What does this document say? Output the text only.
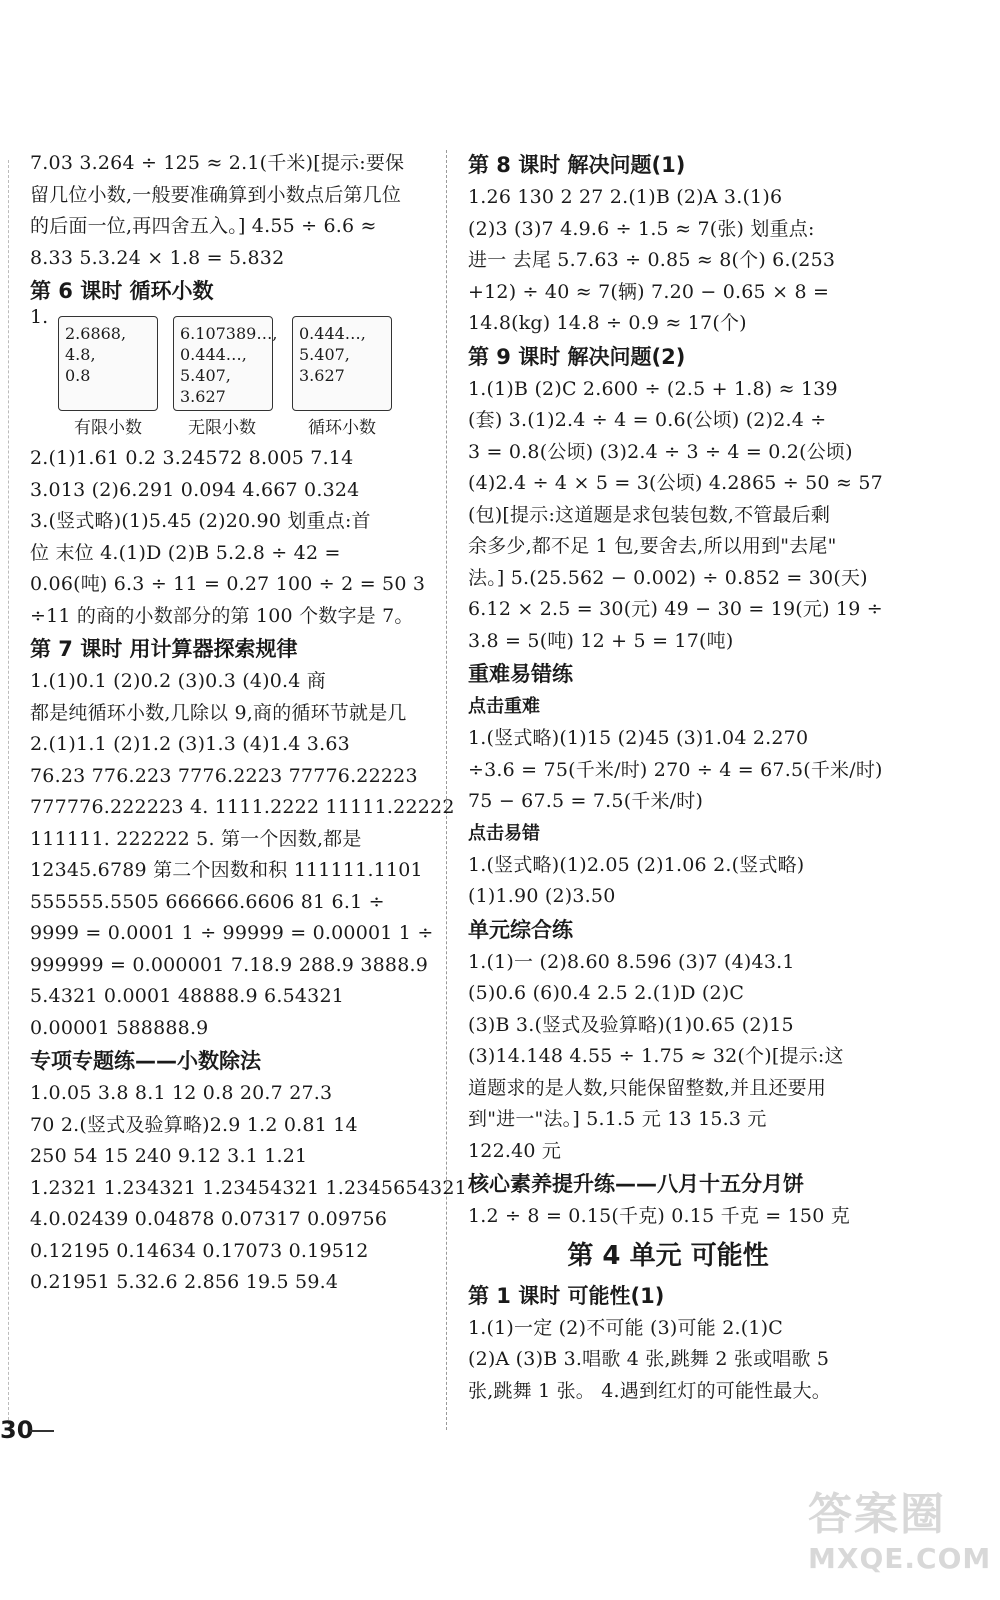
7.03 3.264 ÷ 125 ≈ 2.1(千米)[提示:要保
留几位小数,一般要准确算到小数点后第几位
的后面一位,再四舍五入。] 4.55 ÷ 6.6 ≈
8.33 5.3.24 × 1.8 = 5.832
第 6 课时 循环小数
1.
2.6868, 4.8,
0.8
6.107389…,
0.444…,
5.407,
3.627
0.444…,
5.407,
3.627
有限小数	无限小数	循环小数
2.(1)1.61 0.2 3.24572 8.005 7.14
3.013 (2)6.291 0.094 4.667 0.324
3.(竖式略)(1)5.45 (2)20.90 划重点:首
位 末位 4.(1)D (2)B 5.2.8 ÷ 42 =
0.06(吨) 6.3 ÷ 11 = 0.27 100 ÷ 2 = 50 3
÷11 的商的小数部分的第 100 个数字是 7。
第 7 课时 用计算器探索规律
1.(1)0.1 (2)0.2 (3)0.3 (4)0.4 商
都是纯循环小数,几除以 9,商的循环节就是几
2.(1)1.1 (2)1.2 (3)1.3 (4)1.4 3.63
76.23 776.223 7776.2223 77776.22223
777776.222223 4. 1111.2222 11111.22222
111111. 222222 5. 第一个因数,都是
12345.6789 第二个因数和积 111111.1101
555555.5505 666666.6606 81 6.1 ÷
9999 = 0.0001 1 ÷ 99999 = 0.00001 1 ÷
999999 = 0.000001 7.18.9 288.9 3888.9
5.4321 0.0001 48888.9 6.54321
0.00001 588888.9
专项专题练——小数除法
1.0.05 3.8 8.1 12 0.8 20.7 27.3
70 2.(竖式及验算略)2.9 1.2 0.81 14
250 54 15 240 9.12 3.1 1.21
1.2321 1.234321 1.23454321 1.2345654321
4.0.02439 0.04878 0.07317 0.09756
0.12195 0.14634 0.17073 0.19512
0.21951 5.32.6 2.856 19.5 59.4
第 8 课时 解决问题(1)
1.26 130 2 27 2.(1)B (2)A 3.(1)6
(2)3 (3)7 4.9.6 ÷ 1.5 ≈ 7(张) 划重点:
进一 去尾 5.7.63 ÷ 0.85 ≈ 8(个) 6.(253
+12) ÷ 40 ≈ 7(辆) 7.20 − 0.65 × 8 =
14.8(kg) 14.8 ÷ 0.9 ≈ 17(个)
第 9 课时 解决问题(2)
1.(1)B (2)C 2.600 ÷ (2.5 + 1.8) ≈ 139
(套) 3.(1)2.4 ÷ 4 = 0.6(公顷) (2)2.4 ÷
3 = 0.8(公顷) (3)2.4 ÷ 3 ÷ 4 = 0.2(公顷)
(4)2.4 ÷ 4 × 5 = 3(公顷) 4.2865 ÷ 50 ≈ 57
(包)[提示:这道题是求包装包数,不管最后剩
余多少,都不足 1 包,要舍去,所以用到"去尾"
法。] 5.(25.562 − 0.002) ÷ 0.852 = 30(天)
6.12 × 2.5 = 30(元) 49 − 30 = 19(元) 19 ÷
3.8 = 5(吨) 12 + 5 = 17(吨)
重难易错练
点击重难
1.(竖式略)(1)15 (2)45 (3)1.04 2.270
÷3.6 = 75(千米/时) 270 ÷ 4 = 67.5(千米/时)
75 − 67.5 = 7.5(千米/时)
点击易错
1.(竖式略)(1)2.05 (2)1.06 2.(竖式略)
(1)1.90 (2)3.50
单元综合练
1.(1)一 (2)8.60 8.596 (3)7 (4)43.1
(5)0.6 (6)0.4 2.5 2.(1)D (2)C
(3)B 3.(竖式及验算略)(1)0.65 (2)15
(3)14.148 4.55 ÷ 1.75 ≈ 32(个)[提示:这
道题求的是人数,只能保留整数,并且还要用
到"进一"法。] 5.1.5 元 13 15.3 元
122.40 元
核心素养提升练——八月十五分月饼
1.2 ÷ 8 = 0.15(千克) 0.15 千克 = 150 克
第 4 单元 可能性
第 1 课时 可能性(1)
1.(1)一定 (2)不可能 (3)可能 2.(1)C
(2)A (3)B 3.唱歌 4 张,跳舞 2 张或唱歌 5
张,跳舞 1 张。 4.遇到红灯的可能性最大。
30
答案圈
MXQE.COM
